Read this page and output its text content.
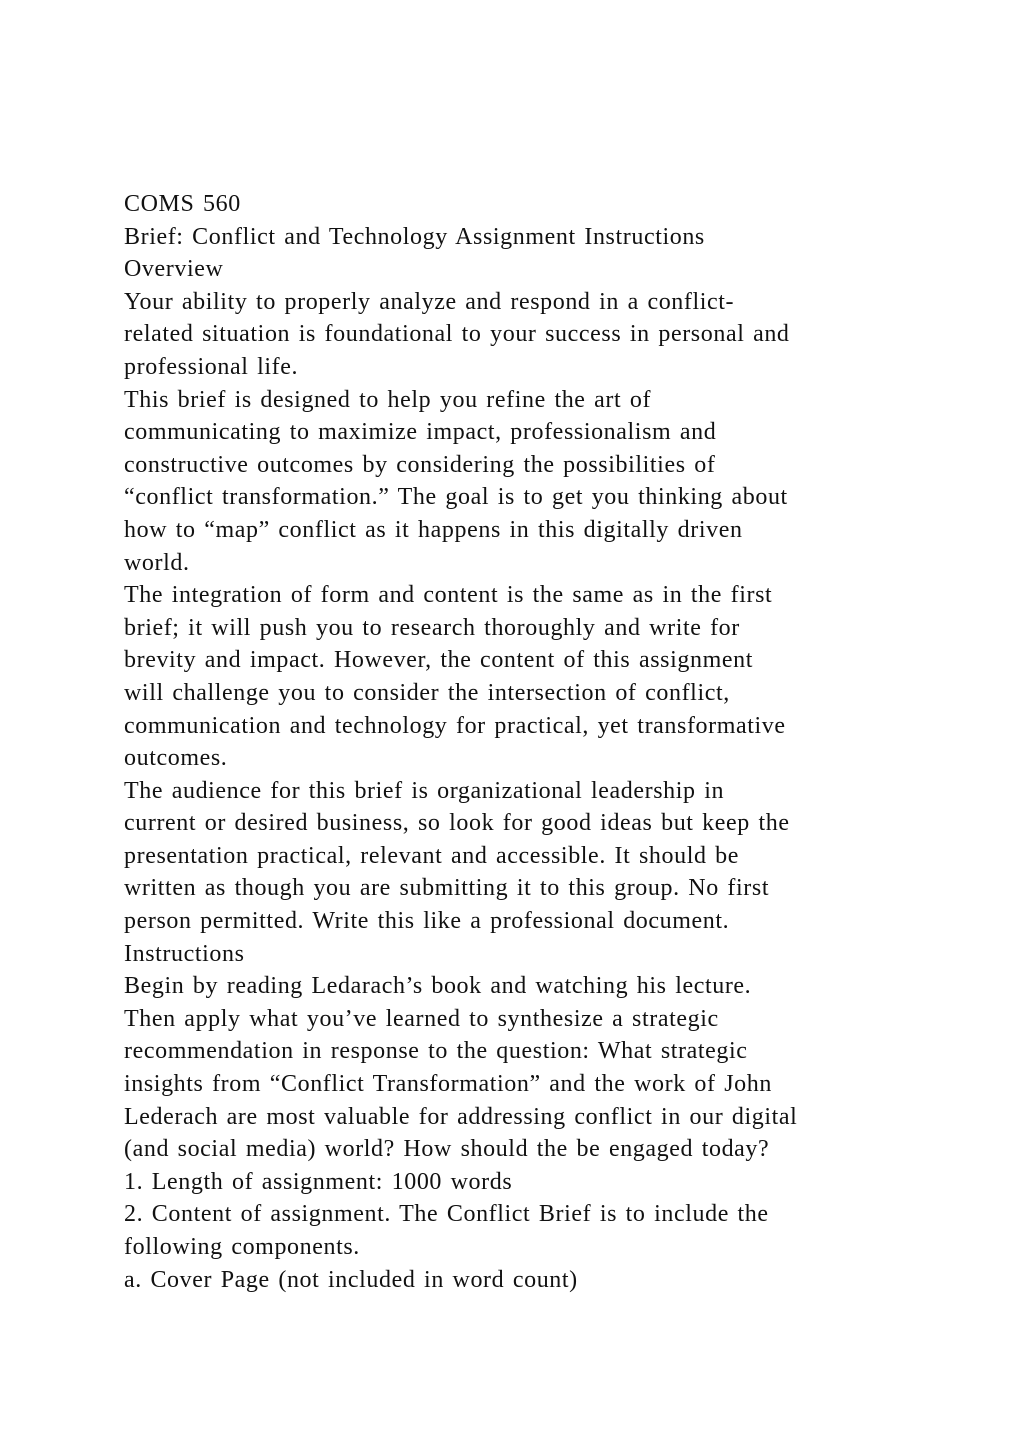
COMS 560
Brief: Conflict and Technology Assignment Instructions
Overview
Your ability to properly analyze and respond in a conflict-
related situation is foundational to your success in personal and
professional life.
This brief is designed to help you refine the art of
communicating to maximize impact, professionalism and
constructive outcomes by considering the possibilities of
“conflict transformation.” The goal is to get you thinking about
how to “map” conflict as it happens in this digitally driven
world.
The integration of form and content is the same as in the first
brief; it will push you to research thoroughly and write for
brevity and impact. However, the content of this assignment
will challenge you to consider the intersection of conflict,
communication and technology for practical, yet transformative
outcomes.
The audience for this brief is organizational leadership in
current or desired business, so look for good ideas but keep the
presentation practical, relevant and accessible. It should be
written as though you are submitting it to this group. No first
person permitted. Write this like a professional document.
Instructions
Begin by reading Ledarach’s book and watching his lecture.
Then apply what you’ve learned to synthesize a strategic
recommendation in response to the question: What strategic
insights from “Conflict Transformation” and the work of John
Lederach are most valuable for addressing conflict in our digital
(and social media) world? How should the be engaged today?
1. Length of assignment: 1000 words
2. Content of assignment. The Conflict Brief is to include the
following components.
a. Cover Page (not included in word count)
